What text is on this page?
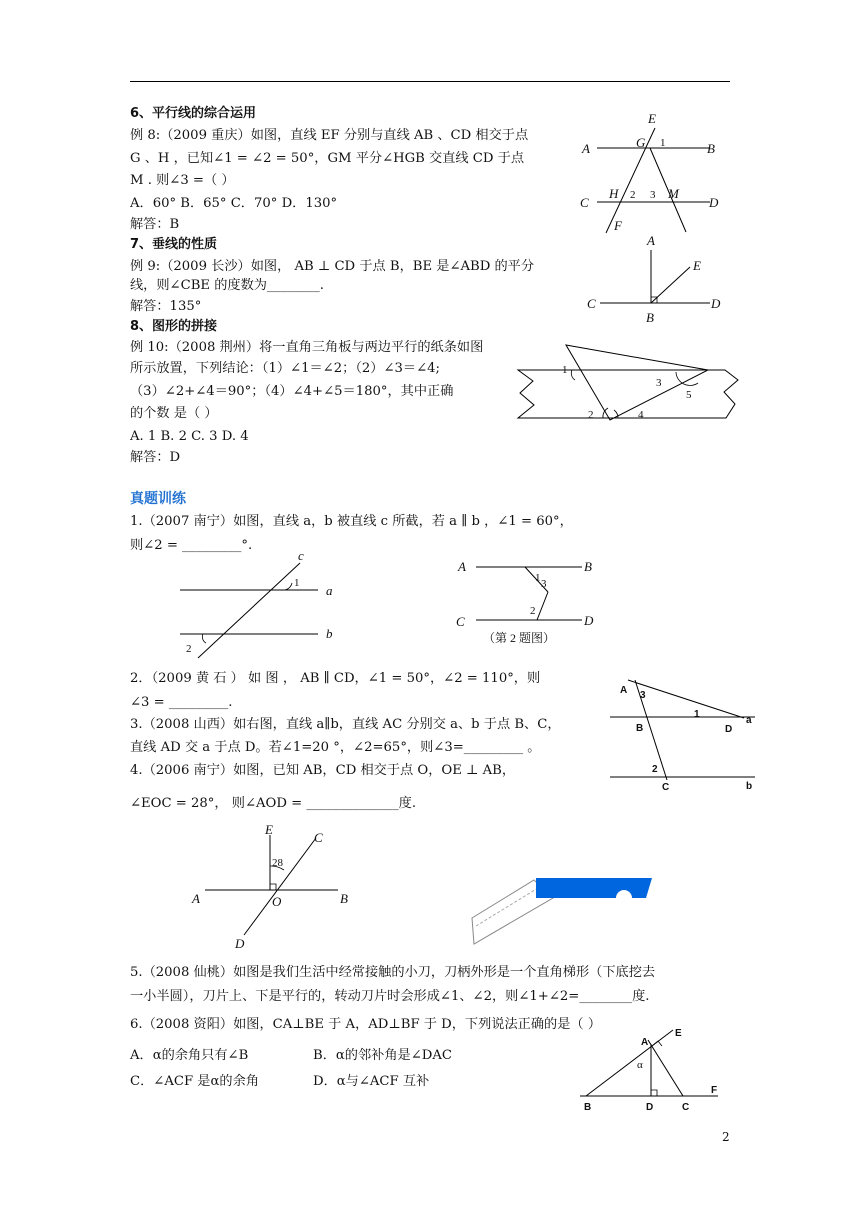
6、平行线的综合运用
例 8:（2009 重庆）如图，直线 EF 分别与直线 AB 、CD 相交于点
G 、H ，已知∠1 = ∠2 = 50°，GM 平分∠HGB 交直线 CD 于点
M . 则∠3 =（ ）
A．60° B．65° C．70° D．130°
解答：B
E
1
A	G	B
H 2 3 M
C	D
F
7、垂线的性质
例 9:（2009 长沙）如图， AB ⊥ CD 于点 B，BE 是∠ABD 的平分
线，则∠CBE 的度数为________.
解答：135°
A
E
C	D
B
8、图形的拼接
例 10:（2008 荆州）将一直角三角板与两边平行的纸条如图
所示放置，下列结论：（1）∠1＝∠2；（2）∠3＝∠4;
（3）∠2+∠4＝90°；（4）∠4+∠5＝180°，其中正确
的个数 是（ ）
A. 1 B. 2 C. 3 D. 4
解答：D
1
3
5
2	4
真题训练
1.（2007 南宁）如图，直线 a，b 被直线 c 所截，若 a ∥ b ，∠1 = 60°，
则∠2 = _________°.
c
1 a
2
b
A	B
1 3
2
C	D
（第 2 题图）
2．（2009 黄 石 ） 如 图 ， AB ∥ CD，∠1 = 50°，∠2 = 110°，则
∠3 = _________.
3.（2008 山西）如右图，直线 a∥b，直线 AC 分别交 a、b 于点 B、C，
直线 AD 交 a 于点 D。若∠1=20 °，∠2=65°，则∠3=_________ 。
A 3
B
1
D
a
2
C	b
4.（2006 南宁）如图，已知 AB，CD 相交于点 O，OE ⊥ AB，
∠EOC = 28°， 则∠AOD = ______________度.
E
C
28
A	O	B
D
5.（2008 仙桃）如图是我们生活中经常接触的小刀，刀柄外形是一个直角梯形（下底挖去
一小半圆），刀片上、下是平行的，转动刀片时会形成∠1、∠2，则∠1+∠2=________度.
6.（2008 资阳）如图，CA⊥BE 于 A，AD⊥BF 于 D，下列说法正确的是（ ）
A．α的余角只有∠B	B．α的邻补角是∠DAC
C．∠ACF 是α的余角	D．α与∠ACF 互补
E
A
α
F
B	D	C
2
